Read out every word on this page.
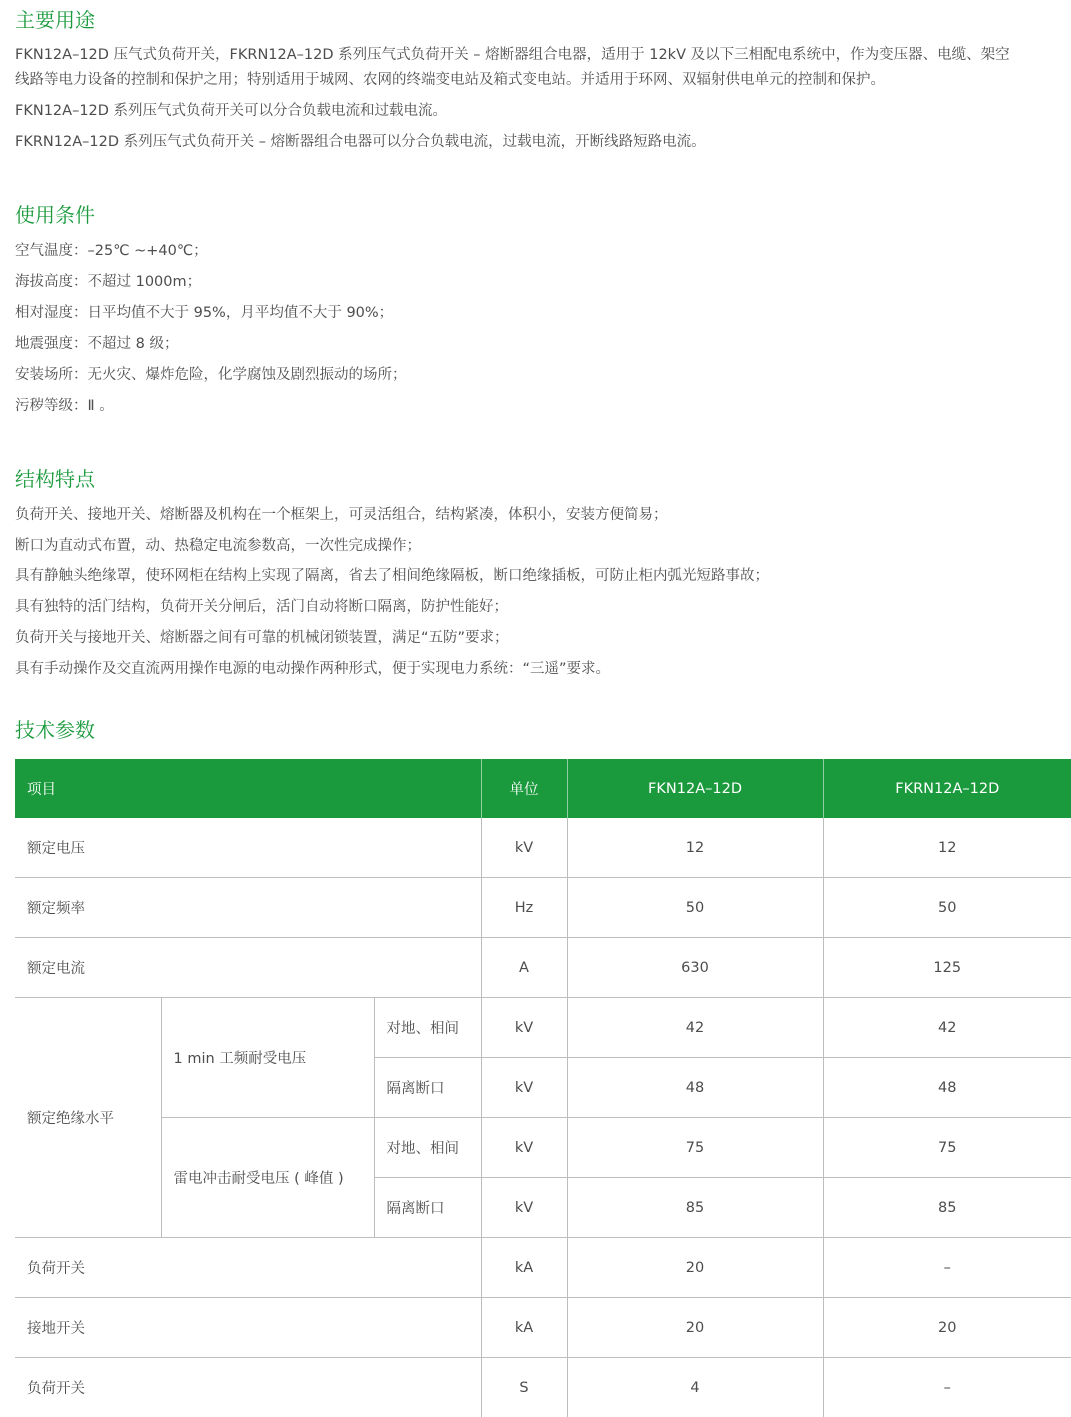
主要用途
FKN12A–12D 压气式负荷开关，FKRN12A–12D 系列压气式负荷开关 – 熔断器组合电器，适用于 12kV 及以下三相配电系统中，作为变压器、电缆、架空
线路等电力设备的控制和保护之用；特别适用于城网、农网的终端变电站及箱式变电站。并适用于环网、双辐射供电单元的控制和保护。
FKN12A–12D 系列压气式负荷开关可以分合负载电流和过载电流。
FKRN12A–12D 系列压气式负荷开关 – 熔断器组合电器可以分合负载电流，过载电流，开断线路短路电流。
使用条件
空气温度：–25℃ ~+40℃；
海拔高度：不超过 1000m；
相对湿度：日平均值不大于 95%，月平均值不大于 90%；
地震强度：不超过 8 级；
安装场所：无火灾、爆炸危险，化学腐蚀及剧烈振动的场所；
污秽等级：Ⅱ 。
结构特点
负荷开关、接地开关、熔断器及机构在一个框架上，可灵活组合，结构紧凑，体积小，安装方便简易；
断口为直动式布置，动、热稳定电流参数高，一次性完成操作；
具有静触头绝缘罩，使环网柜在结构上实现了隔离，省去了相间绝缘隔板，断口绝缘插板，可防止柜内弧光短路事故；
具有独特的活门结构，负荷开关分闸后，活门自动将断口隔离，防护性能好；
负荷开关与接地开关、熔断器之间有可靠的机械闭锁装置，满足“五防”要求；
具有手动操作及交直流两用操作电源的电动操作两种形式，便于实现电力系统：“三遥”要求。
技术参数
项目			单位	FKN12A–12D	FKRN12A–12D
额定电压			kV	12	12
额定频率			Hz	50	50
额定电流			A	630	125
额定绝缘水平	1 min 工频耐受电压	对地、相间	kV	42	42
		隔离断口	kV	48	48
	雷电冲击耐受电压 ( 峰值 )	对地、相间	kV	75	75
		隔离断口	kV	85	85
负荷开关			kA	20	–
接地开关			kA	20	20
负荷开关			S	4	–
